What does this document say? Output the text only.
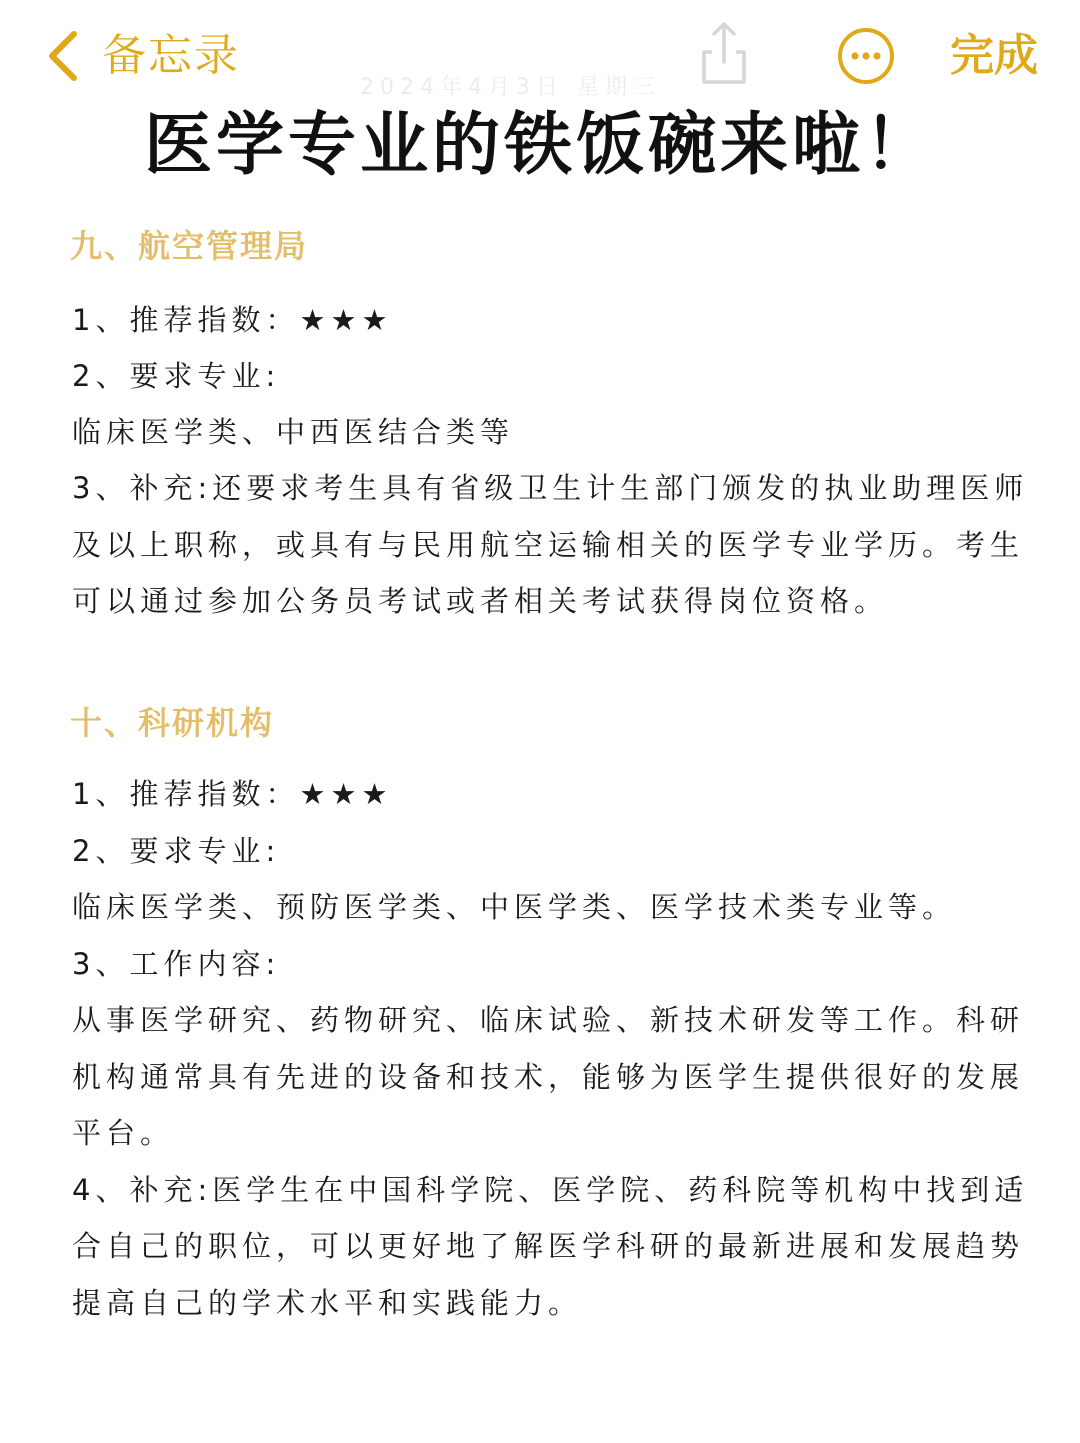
备忘录
2024年4月3日 星期三
完成
医学专业的铁饭碗来啦！
九、航空管理局
1、推荐指数：★★★
2、要求专业:
临床医学类、中西医结合类等
3、补充:还要求考生具有省级卫生计生部门颁发的执业助理医师
及以上职称，或具有与民用航空运输相关的医学专业学历。考生
可以通过参加公务员考试或者相关考试获得岗位资格。
十、科研机构
1、推荐指数：★★★
2、要求专业:
临床医学类、预防医学类、中医学类、医学技术类专业等。
3、工作内容:
从事医学研究、药物研究、临床试验、新技术研发等工作。科研
机构通常具有先进的设备和技术，能够为医学生提供很好的发展
平台。
4、补充:医学生在中国科学院、医学院、药科院等机构中找到适
合自己的职位，可以更好地了解医学科研的最新进展和发展趋势
提高自己的学术水平和实践能力。
